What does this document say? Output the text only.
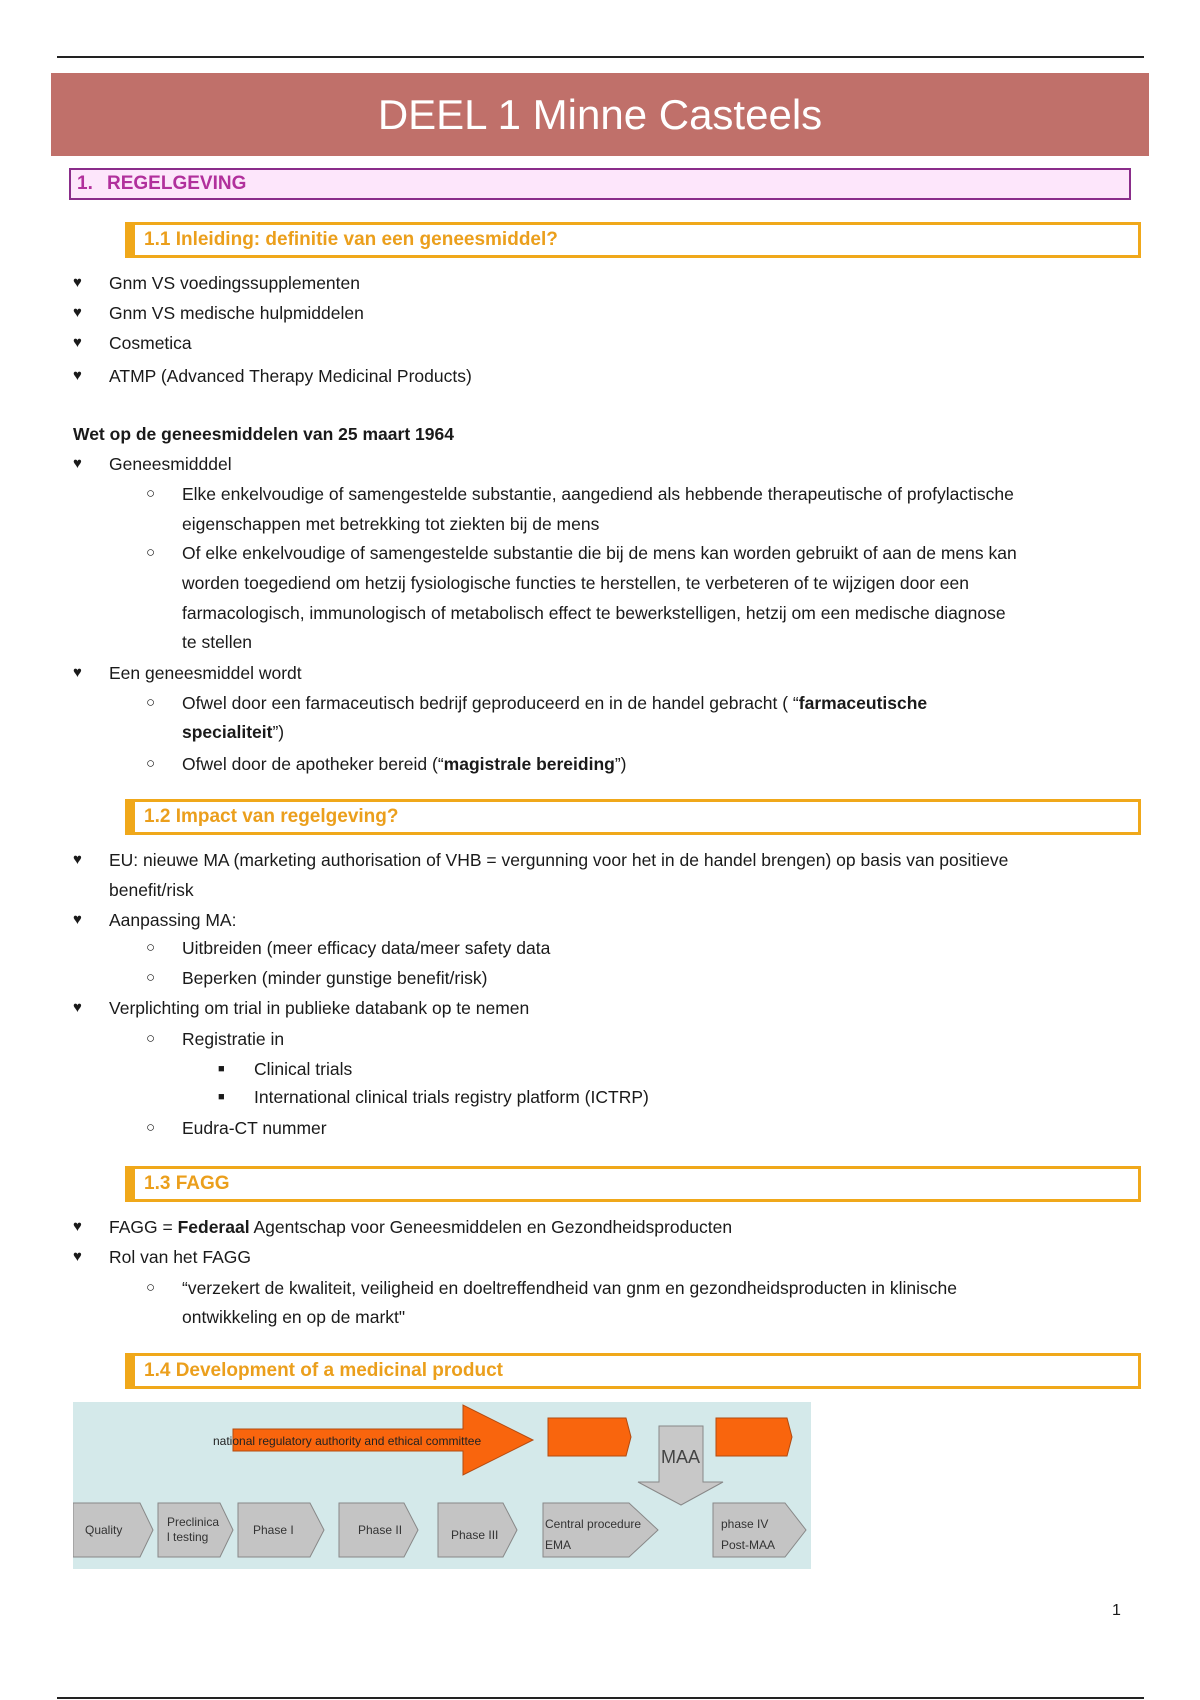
DEEL 1 Minne Casteels
1. REGELGEVING
1.1 Inleiding: definitie van een geneesmiddel?
♥ Gnm VS voedingssupplementen
♥ Gnm VS medische hulpmiddelen
♥ Cosmetica
♥ ATMP (Advanced Therapy Medicinal Products)
Wet op de geneesmiddelen van 25 maart 1964
♥ Geneesmidddel
○ Elke enkelvoudige of samengestelde substantie, aangediend als hebbende therapeutische of profylactische
eigenschappen met betrekking tot ziekten bij de mens
○ Of elke enkelvoudige of samengestelde substantie die bij de mens kan worden gebruikt of aan de mens kan
worden toegediend om hetzij fysiologische functies te herstellen, te verbeteren of te wijzigen door een
farmacologisch, immunologisch of metabolisch effect te bewerkstelligen, hetzij om een medische diagnose
te stellen
♥ Een geneesmiddel wordt
○ Ofwel door een farmaceutisch bedrijf geproduceerd en in de handel gebracht ( “farmaceutische
specialiteit”)
○ Ofwel door de apotheker bereid (“magistrale bereiding”)
1.2 Impact van regelgeving?
♥ EU: nieuwe MA (marketing authorisation of VHB = vergunning voor het in de handel brengen) op basis van positieve
benefit/risk
♥ Aanpassing MA:
○ Uitbreiden (meer efficacy data/meer safety data
○ Beperken (minder gunstige benefit/risk)
♥ Verplichting om trial in publieke databank op te nemen
○ Registratie in
■ Clinical trials
■ International clinical trials registry platform (ICTRP)
○ Eudra-CT nummer
1.3 FAGG
♥ FAGG = Federaal Agentschap voor Geneesmiddelen en Gezondheidsproducten
♥ Rol van het FAGG
○ “verzekert de kwaliteit, veiligheid en doeltreffendheid van gnm en gezondheidsproducten in klinische
ontwikkeling en op de markt"
1.4 Development of a medicinal product
national regulatory authority and ethical committee
MAA
Quality
Preclinica
l testing	Phase I	Phase II	Phase III
Central procedure
EMA
phase IV
Post-MAA
1
